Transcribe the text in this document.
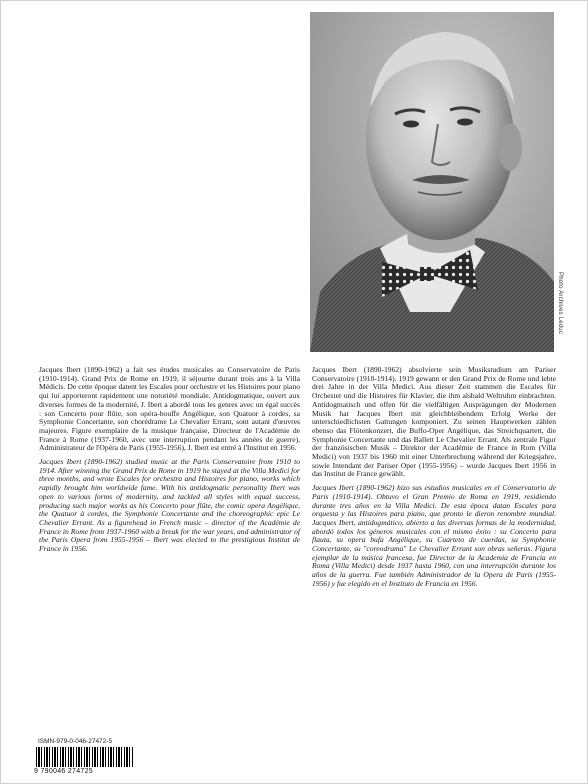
Photo Archives Leduc

Jacques Ibert (1890-1962) a fait ses études musicales au Conservatoire de Paris (1910-1914). Grand Prix de Rome en 1919, il séjourne durant trois ans à la Villa Médicis. De cette époque datent les Escales pour orchestre et les Histoires pour piano qui lui apporteront rapidement une notoriété mondiale. Antidogmatique, ouvert aux diverses formes de la modernité, J. Ibert a abordé tous les genres avec un égal succès : son Concerto pour flûte, son opéra-bouffe Angélique, son Quatuor à cordes, sa Symphonie Concertante, son chorédrame Le Chevalier Errant, sont autant d'œuvres majeures. Figure exemplaire de la musique française, Directeur de l'Académie de France à Rome (1937-1960, avec une interruption pendant les années de guerre), Administrateur de l'Opéra de Paris (1955-1956), J. Ibert est entré à l'Institut en 1956.

Jacques Ibert (1890-1962) studied music at the Paris Conservatoire from 1910 to 1914. After winning the Grand Prix de Rome in 1919 he stayed at the Villa Medici for three months, and wrote Escales for orchestra and Histoires for piano, works which rapidly brought him worldwide fame. With his antidogmatic personality Ibert was open to various forms of modernity, and tackled all styles with equal success, producing such major works as his Concerto pour flûte, the comic opera Angélique, the Quatuor à cordes, the Symphonie Concertante and the choreographic epic Le Chevalier Errant. As a figurehead in French music – director of the Académie de France in Rome from 1937-1960 with a break for the war years, and administrator of the Paris Opera from 1955-1956 – Ibert was elected to the prestigious Institut de France in 1956.

Jacques Ibert (1890-1962) absolvierte sein Musikstudium am Pariser Conservatoire (1910-1914). 1919 gewann er den Grand Prix de Rome und lebte drei Jahre in der Villa Medici. Aus dieser Zeit stammen die Escales für Orchester und die Histoires für Klavier, die ihm alsbald Weltruhm einbrachten. Antidogmatisch und offen für die vielfältigen Ausprägungen der Modernen Musik hat Jacques Ibert mit gleichbleibendem Erfolg Werke der unterschiedlichsten Gattungen komponiert. Zu seinen Hauptwerken zählen ebenso das Flötenkonzert, die Buffo-Oper Angélique, das Streichquartett, die Symphonie Concertante und das Ballett Le Chevalier Errant. Als zentrale Figur der französischen Musik – Direktor der Académie de France in Rom (Villa Medici) von 1937 bis 1960 mit einer Unterbrechung während der Kriegsjahre, sowie Intendant der Pariser Oper (1955-1956) – wurde Jacques Ibert 1956 in das Institut de France gewählt.

Jacques Ibert (1890-1962) hizo sus estudios musicales en el Conservatorio de París (1910-1914). Obtuvo el Gran Premio de Roma en 1919, residiendo durante tres años en la Villa Medici. De esta época datan Escales para orquesta y las Histoires para piano, que pronto le dieron renombre mundial. Jacques Ibert, antidogmático, abierto a las diversas formas de la modernidad, abordó todos los géneros musicales con el mismo éxito : su Concerto para flauta, su opera bufa Angélique, su Cuarteto de cuerdas, su Symphonie Concertante, su "coreodrama" Le Chevalier Errant son obras señeras. Figura ejemplar de la música francesa, fue Director de la Academia de Francia en Roma (Villa Medici) desde 1937 hasta 1960, con una interrupción durante los años de la guerra. Fue también Administrador de la Opera de Paris (1955-1956) y fue elegido en el Instituto de Francia en 1956.

ISMN-979-0-046-27472-5
9 790046 274725
